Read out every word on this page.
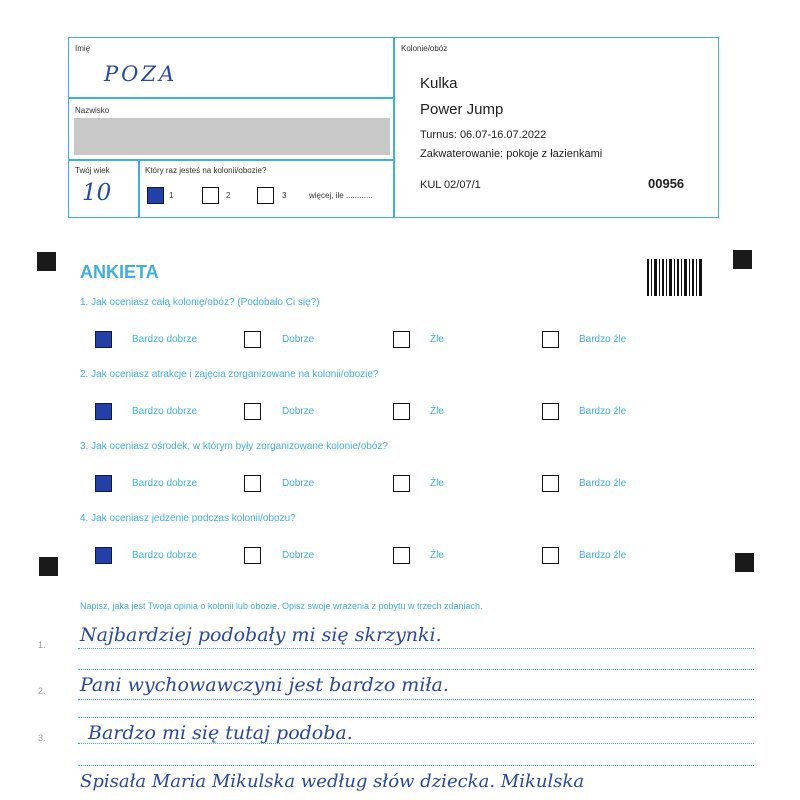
Imię
POZA
Nazwisko
Twój wiek
10
Który raz jesteś na kolonii/obozie?
1	2	3	więcej, ile ............
Kolonie/obóz
Kulka
Power Jump
Turnus: 06.07-16.07.2022
Zakwaterowanie: pokoje z łazienkami
KUL 02/07/1	00956
ANKIETA
1. Jak oceniasz całą kolonię/obóz? (Podobało Ci się?)
Bardzo dobrze	Dobrze	Źle	Bardzo źle
2. Jak oceniasz atrakcje i zajęcia zorganizowane na kolonii/obozie?
Bardzo dobrze	Dobrze	Źle	Bardzo źle
3. Jak oceniasz ośrodek, w którym były zorganizowane kolonie/obóz?
Bardzo dobrze	Dobrze	Źle	Bardzo źle
4. Jak oceniasz jedzenie podczas kolonii/obozu?
Bardzo dobrze	Dobrze	Źle	Bardzo źle
Napisz, jaka jest Twoja opinia o kolonii lub obozie. Opisz swoje wrażenia z pobytu w trzech zdaniach.
1.
2.
3.
Najbardziej podobały mi się skrzynki.
Pani wychowawczyni jest bardzo miła.
Bardzo mi się tutaj podoba.
Spisała Maria Mikulska według słów dziecka. Mikulska
